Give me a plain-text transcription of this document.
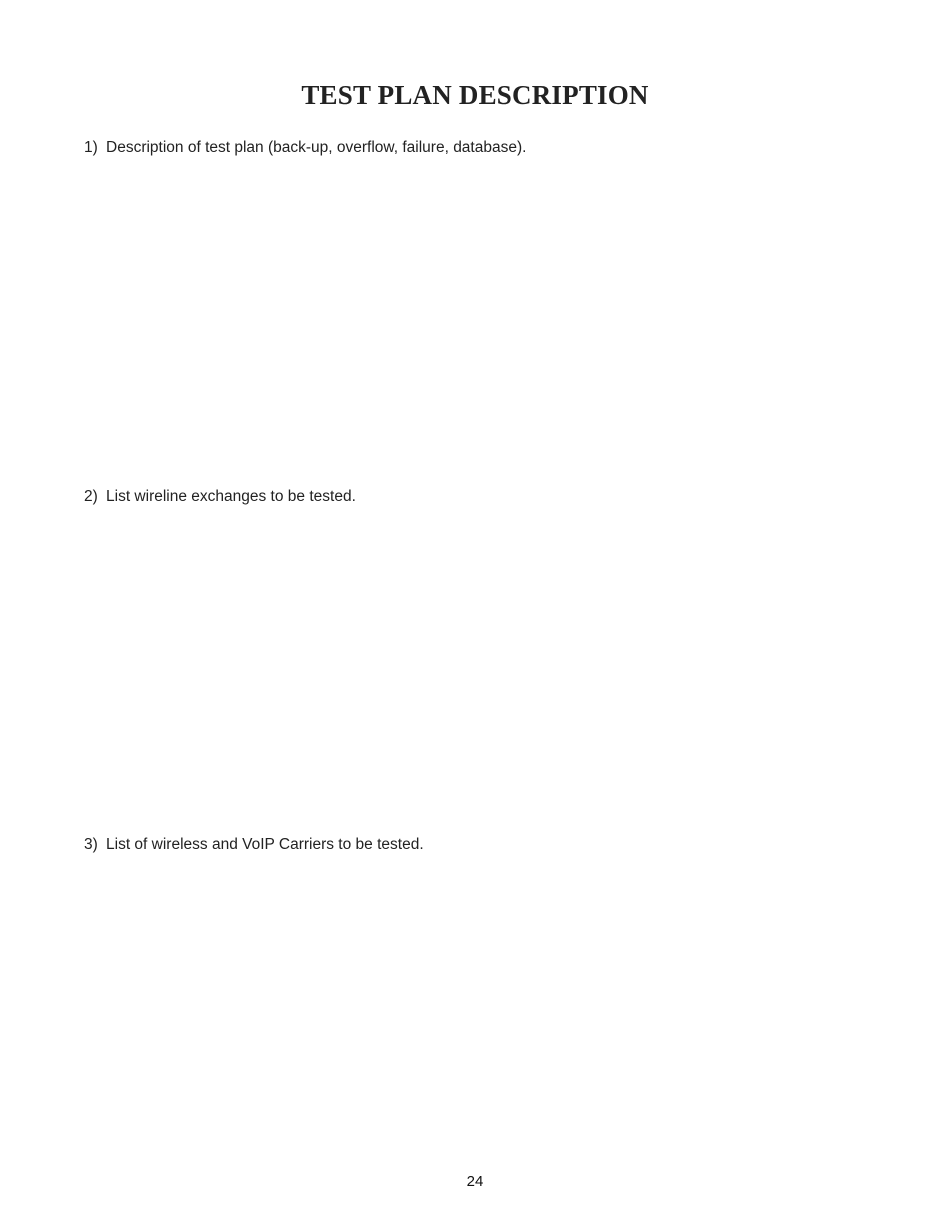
TEST PLAN DESCRIPTION
1) Description of test plan (back-up, overflow, failure, database).
2) List wireline exchanges to be tested.
3) List of wireless and VoIP Carriers to be tested.
24
